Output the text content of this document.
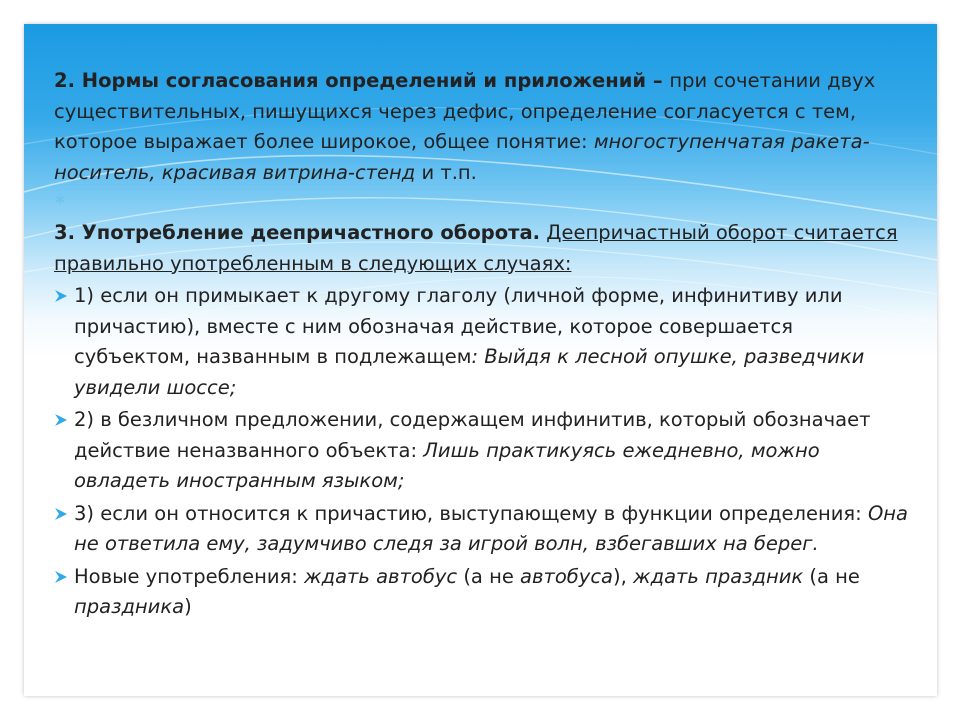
2. Нормы согласования определений и приложений – при сочетании двух существительных, пишущихся через дефис, определение согласуется с тем, которое выражает более широкое, общее понятие: многоступенчатая ракета-носитель, красивая витрина-стенд и т.п.

*

3. Употребление деепричастного оборота. Деепричастный оборот считается правильно употребленным в следующих случаях:

1) если он примыкает к другому глаголу (личной форме, инфинитиву или причастию), вместе с ним обозначая действие, которое совершается субъектом, названным в подлежащем: Выйдя к лесной опушке, разведчики увидели шоссе;

2) в безличном предложении, содержащем инфинитив, который обозначает действие неназванного объекта: Лишь практикуясь ежедневно, можно овладеть иностранным языком;

3) если он относится к причастию, выступающему в функции определения: Она не ответила ему, задумчиво следя за игрой волн, взбегавших на берег.

Новые употребления: ждать автобус (а не автобуса), ждать праздник (а не праздника)
